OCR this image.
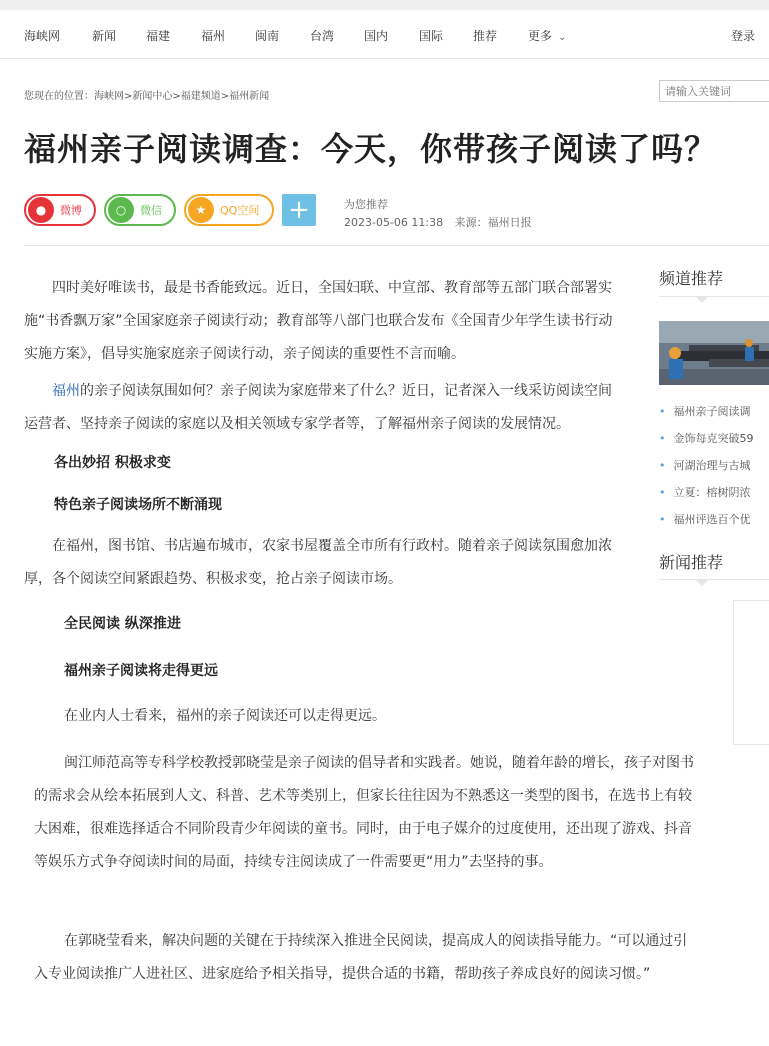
海峡网	新闻 福建	福州 闽南	台湾 国内	国际 推荐	更多 ⌄	登录
您现在的位置：海峡网>新闻中心>福建频道>福州新闻
请输入关键词
福州亲子阅读调查：今天，你带孩子阅读了吗？
●	微博	○	微信	★	QQ空间 +	为您推荐
2023-05-06 11:38 来源：福州日报

四时美好唯读书，最是书香能致远。近日，全国妇联、中宣部、教育部等五部门联合部署实施“书香飘万家”全国家庭亲子阅读行动；教育部等八部门也联合发布《全国青少年学生读书行动实施方案》，倡导实施家庭亲子阅读行动，亲子阅读的重要性不言而喻。

福州的亲子阅读氛围如何？亲子阅读为家庭带来了什么？近日，记者深入一线采访阅读空间运营者、坚持亲子阅读的家庭以及相关领域专家学者等，了解福州亲子阅读的发展情况。

各出妙招 积极求变

特色亲子阅读场所不断涌现

在福州，图书馆、书店遍布城市，农家书屋覆盖全市所有行政村。随着亲子阅读氛围愈加浓厚，各个阅读空间紧跟趋势、积极求变，抢占亲子阅读市场。

全民阅读 纵深推进

福州亲子阅读将走得更远

在业内人士看来，福州的亲子阅读还可以走得更远。

闽江师范高等专科学校教授郭晓莹是亲子阅读的倡导者和实践者。她说，随着年龄的增长，孩子对图书的需求会从绘本拓展到人文、科普、艺术等类别上，但家长往往因为不熟悉这一类型的图书，在选书上有较大困难，很难选择适合不同阶段青少年阅读的童书。同时，由于电子媒介的过度使用，还出现了游戏、抖音等娱乐方式争夺阅读时间的局面，持续专注阅读成了一件需要更“用力”去坚持的事。

在郭晓莹看来，解决问题的关键在于持续深入推进全民阅读，提高成人的阅读指导能力。“可以通过引入专业阅读推广人进社区、进家庭给予相关指导，提供合适的书籍，帮助孩子养成良好的阅读习惯。”

频道推荐
• 福州亲子阅读调
• 金饰每克突破59
• 河湖治理与古城
• 立夏：榕树阴浓
• 福州评选百个优
新闻推荐
